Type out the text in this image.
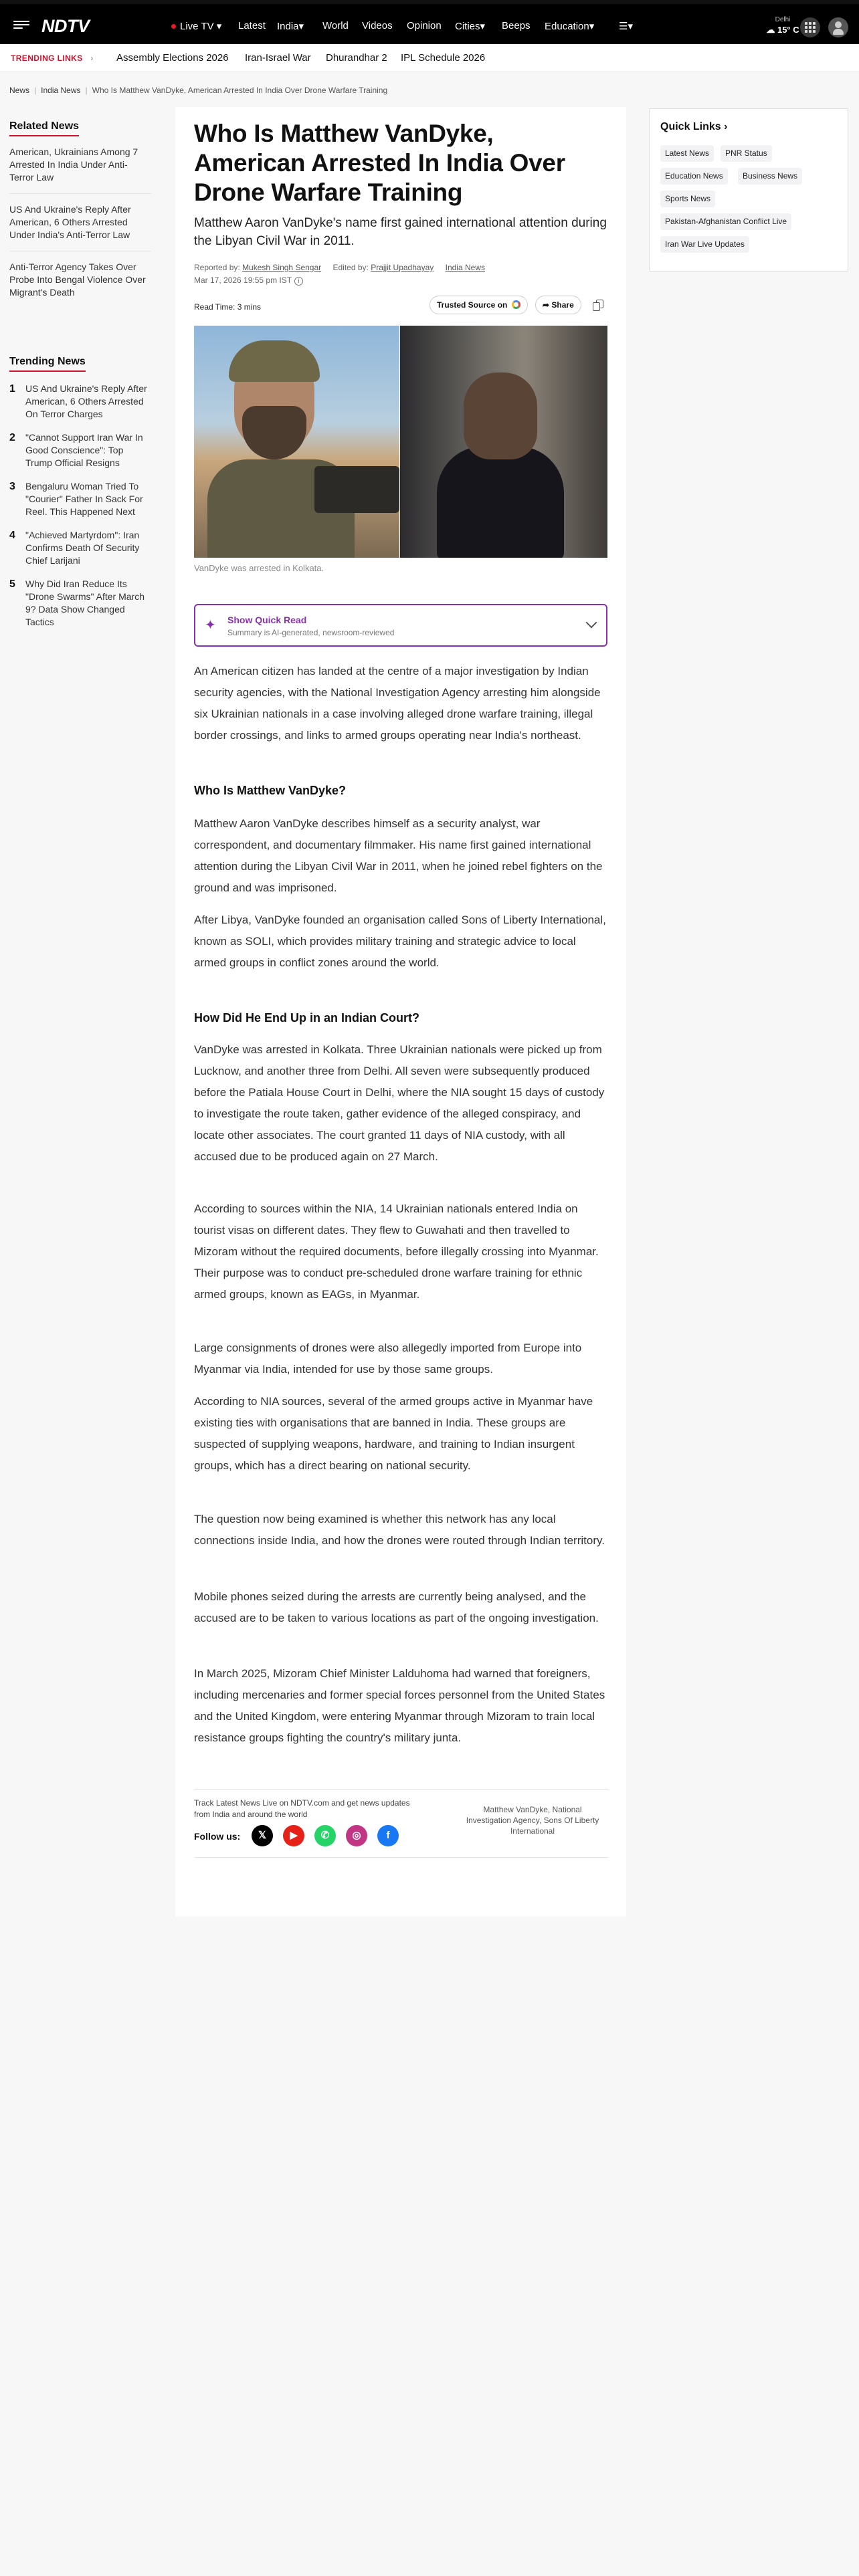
NDTV	Live TV ▾ Latest India▾ World Videos Opinion Cities▾ Beeps Education▾ ☰▾
Delhi
☁ 15° C
TRENDING LINKS › Assembly Elections 2026 Iran-Israel War Dhurandhar 2 IPL Schedule 2026
News | India News | Who Is Matthew VanDyke, American Arrested In India Over Drone Warfare Training
Related News
American, Ukrainians Among 7 Arrested In India Under Anti-Terror Law
US And Ukraine's Reply After American, 6 Others Arrested Under India's Anti-Terror Law
Anti-Terror Agency Takes Over Probe Into Bengal Violence Over Migrant's Death
Trending News
1 US And Ukraine's Reply After American, 6 Others Arrested On Terror Charges
2 "Cannot Support Iran War In Good Conscience": Top Trump Official Resigns
3 Bengaluru Woman Tried To "Courier" Father In Sack For Reel. This Happened Next
4 "Achieved Martyrdom": Iran Confirms Death Of Security Chief Larijani
5 Why Did Iran Reduce Its "Drone Swarms" After March 9? Data Show Changed Tactics
Who Is Matthew VanDyke, American Arrested In India Over Drone Warfare Training
Matthew Aaron VanDyke's name first gained international attention during the Libyan Civil War in 2011.
Reported by: Mukesh Singh Sengar Edited by: Prajjit Upadhayay India News
Mar 17, 2026 19:55 pm IST i
Read Time: 3 mins	Trusted Source on	➦ Share
VanDyke was arrested in Kolkata.
✦	Show Quick Read
Summary is AI-generated, newsroom-reviewed

An American citizen has landed at the centre of a major investigation by Indian security agencies, with the National Investigation Agency arresting him alongside six Ukrainian nationals in a case involving alleged drone warfare training, illegal border crossings, and links to armed groups operating near India's northeast.

Who Is Matthew VanDyke?

Matthew Aaron VanDyke describes himself as a security analyst, war correspondent, and documentary filmmaker. His name first gained international attention during the Libyan Civil War in 2011, when he joined rebel fighters on the ground and was imprisoned.

After Libya, VanDyke founded an organisation called Sons of Liberty International, known as SOLI, which provides military training and strategic advice to local armed groups in conflict zones around the world.

How Did He End Up in an Indian Court?

VanDyke was arrested in Kolkata. Three Ukrainian nationals were picked up from Lucknow, and another three from Delhi. All seven were subsequently produced before the Patiala House Court in Delhi, where the NIA sought 15 days of custody to investigate the route taken, gather evidence of the alleged conspiracy, and locate other associates. The court granted 11 days of NIA custody, with all accused due to be produced again on 27 March.

According to sources within the NIA, 14 Ukrainian nationals entered India on tourist visas on different dates. They flew to Guwahati and then travelled to Mizoram without the required documents, before illegally crossing into Myanmar. Their purpose was to conduct pre-scheduled drone warfare training for ethnic armed groups, known as EAGs, in Myanmar.

Large consignments of drones were also allegedly imported from Europe into Myanmar via India, intended for use by those same groups.

According to NIA sources, several of the armed groups active in Myanmar have existing ties with organisations that are banned in India. These groups are suspected of supplying weapons, hardware, and training to Indian insurgent groups, which has a direct bearing on national security.

The question now being examined is whether this network has any local connections inside India, and how the drones were routed through Indian territory.

Mobile phones seized during the arrests are currently being analysed, and the accused are to be taken to various locations as part of the ongoing investigation.

In March 2025, Mizoram Chief Minister Lalduhoma had warned that foreigners, including mercenaries and former special forces personnel from the United States and the United Kingdom, were entering Myanmar through Mizoram to train local resistance groups fighting the country's military junta.

Track Latest News Live on NDTV.com and get news updates
from India and around the world	Matthew VanDyke, National Investigation Agency, Sons Of Liberty International
Follow us:	𝕏	▶	✆	◎	f
Quick Links ›
Latest News	PNR Status
Education News	Business News
Sports News
Pakistan-Afghanistan Conflict Live
Iran War Live Updates
